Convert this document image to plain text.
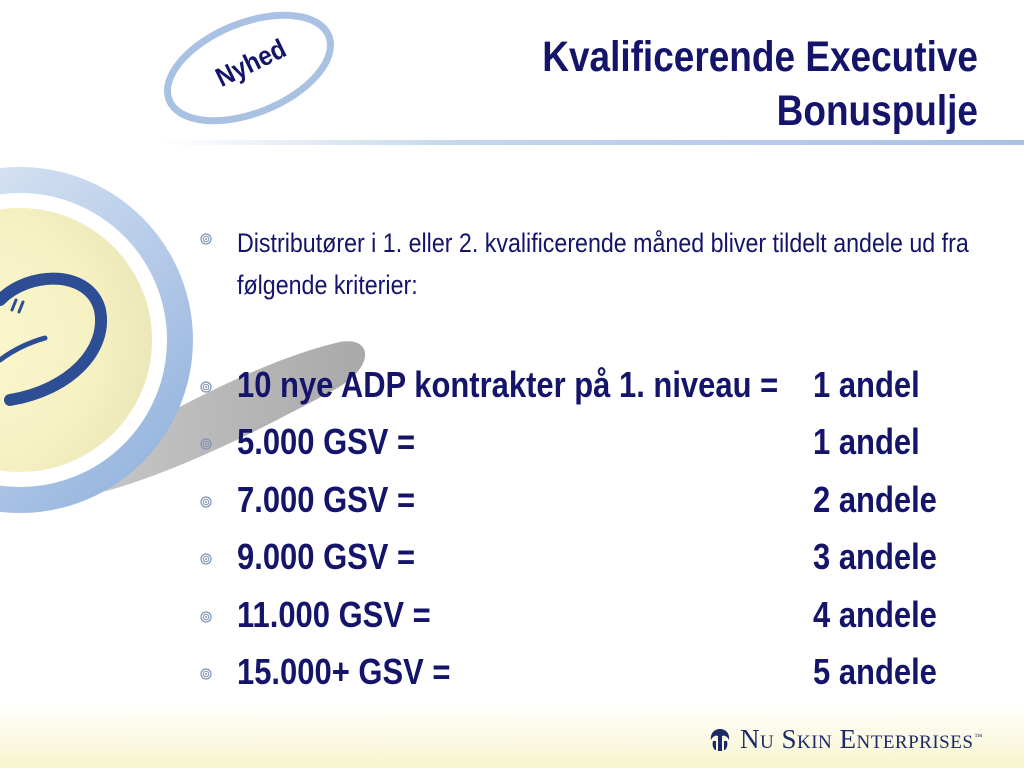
Nyhed	Kvalificerende Executive
Bonuspulje
Distributører i 1. eller 2. kvalificerende måned bliver tildelt andele ud fra følgende kriterier:
10 nye ADP kontrakter på 1. niveau = 1 andel
5.000 GSV =	1 andel
7.000 GSV =	2 andele
9.000 GSV =	3 andele
11.000 GSV =	4 andele
15.000+ GSV =	5 andele
Nu Skin Enterprises ™
